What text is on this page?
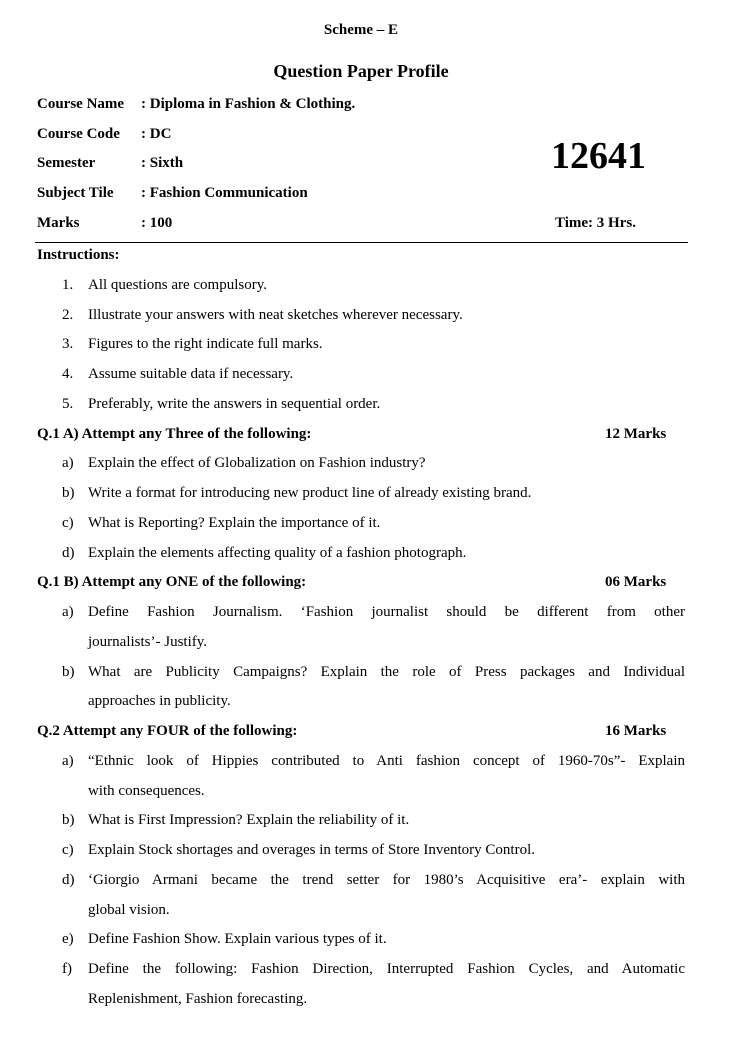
Scheme – E
Question Paper Profile
Course Name : Diploma in Fashion & Clothing.
Course Code : DC
Semester	: Sixth
Subject Tile : Fashion Communication
Marks	: 100
12641
Time: 3 Hrs.
Instructions:
1. All questions are compulsory.
2. Illustrate your answers with neat sketches wherever necessary.
3. Figures to the right indicate full marks.
4. Assume suitable data if necessary.
5. Preferably, write the answers in sequential order.
Q.1 A) Attempt any Three of the following:	12 Marks
a) Explain the effect of Globalization on Fashion industry?
b) Write a format for introducing new product line of already existing brand.
c) What is Reporting? Explain the importance of it.
d) Explain the elements affecting quality of a fashion photograph.
Q.1 B) Attempt any ONE of the following:	06 Marks
a) Define Fashion Journalism. ‘Fashion journalist should be different from other
journalists’- Justify.
b) What are Publicity Campaigns? Explain the role of Press packages and Individual
approaches in publicity.
Q.2 Attempt any FOUR of the following:	16 Marks
a) “Ethnic look of Hippies contributed to Anti fashion concept of 1960-70s”- Explain
with consequences.
b) What is First Impression? Explain the reliability of it.
c) Explain Stock shortages and overages in terms of Store Inventory Control.
d) ‘Giorgio Armani became the trend setter for 1980’s Acquisitive era’- explain with
global vision.
e) Define Fashion Show. Explain various types of it.
f) Define the following: Fashion Direction, Interrupted Fashion Cycles, and Automatic
Replenishment, Fashion forecasting.
